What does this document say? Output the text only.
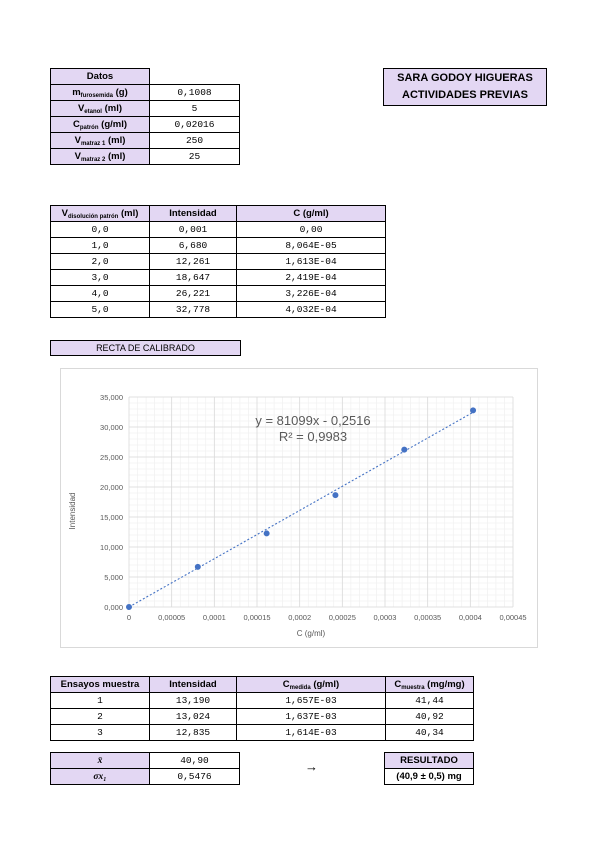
SARA GODOY HIGUERAS
ACTIVIDADES PREVIAS
Datos	
$m_{furosemida}$ (g)	0,1008
$V_{etanol}$ (ml)	5
$C_{patrón}$ (g/ml)	0,02016
$V_{matraz 1}$ (ml)	250
$V_{matraz 2}$ (ml)	25
$V_{disolución patrón}$ (ml)	Intensidad	C (g/ml)
0,0	0,001	0,00
1,0	6,680	8,064E-05
2,0	12,261	1,613E-04
3,0	18,647	2,419E-04
4,0	26,221	3,226E-04
5,0	32,778	4,032E-04
RECTA DE CALIBRADO
0	0,00005 0,0001 0,00015 0,0002 0,00025 0,0003 0,00035 0,0004 0,00045
0,000
5,000
10,000
15,000
20,000
25,000
30,000
35,000
y = 81099x - 0,2516
R² = 0,9983
C (g/ml)
Intensidad
Ensayos muestra	Intensidad	$C_{medida}$ (g/ml)	$C_{muestra}$ (mg/mg)
1	13,190	1,657E-03	41,44
2	13,024	1,637E-03	40,92
3	12,835	1,614E-03	40,34
x̄	40,90
σx₁	0,5476
→	RESULTADO
(40,9 ± 0,5) mg
